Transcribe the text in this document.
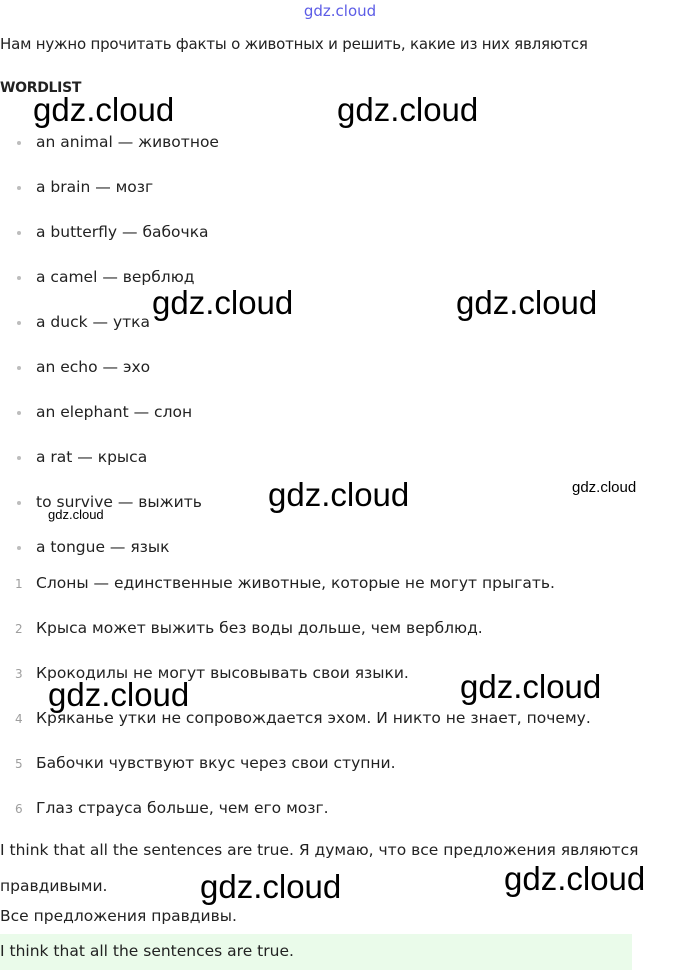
gdz.cloud
Нам нужно прочитать факты о животных и решить, какие из них являются
WORDLIST
an animal — животное
a brain — мозг
a butterfly — бабочка
a camel — верблюд
a duck — утка
an echo — эхо
an elephant — слон
a rat — крыса
to survive — выжить
a tongue — язык
1 Слоны — единственные животные, которые не могут прыгать.
2 Крыса может выжить без воды дольше, чем верблюд.
3 Крокодилы не могут высовывать свои языки.
4 Кряканье утки не сопровождается эхом. И никто не знает, почему.
5 Бабочки чувствуют вкус через свои ступни.
6 Глаз страуса больше, чем его мозг.
I think that all the sentences are true. Я думаю, что все предложения являются правдивыми.
Все предложения правдивы.
I think that all the sentences are true.
gdz.cloud	gdz.cloud
gdz.cloud	gdz.cloud
gdz.cloud	gdz.cloud
gdz.cloud
gdz.cloud
gdz.cloud
gdz.cloud
gdz.cloud
